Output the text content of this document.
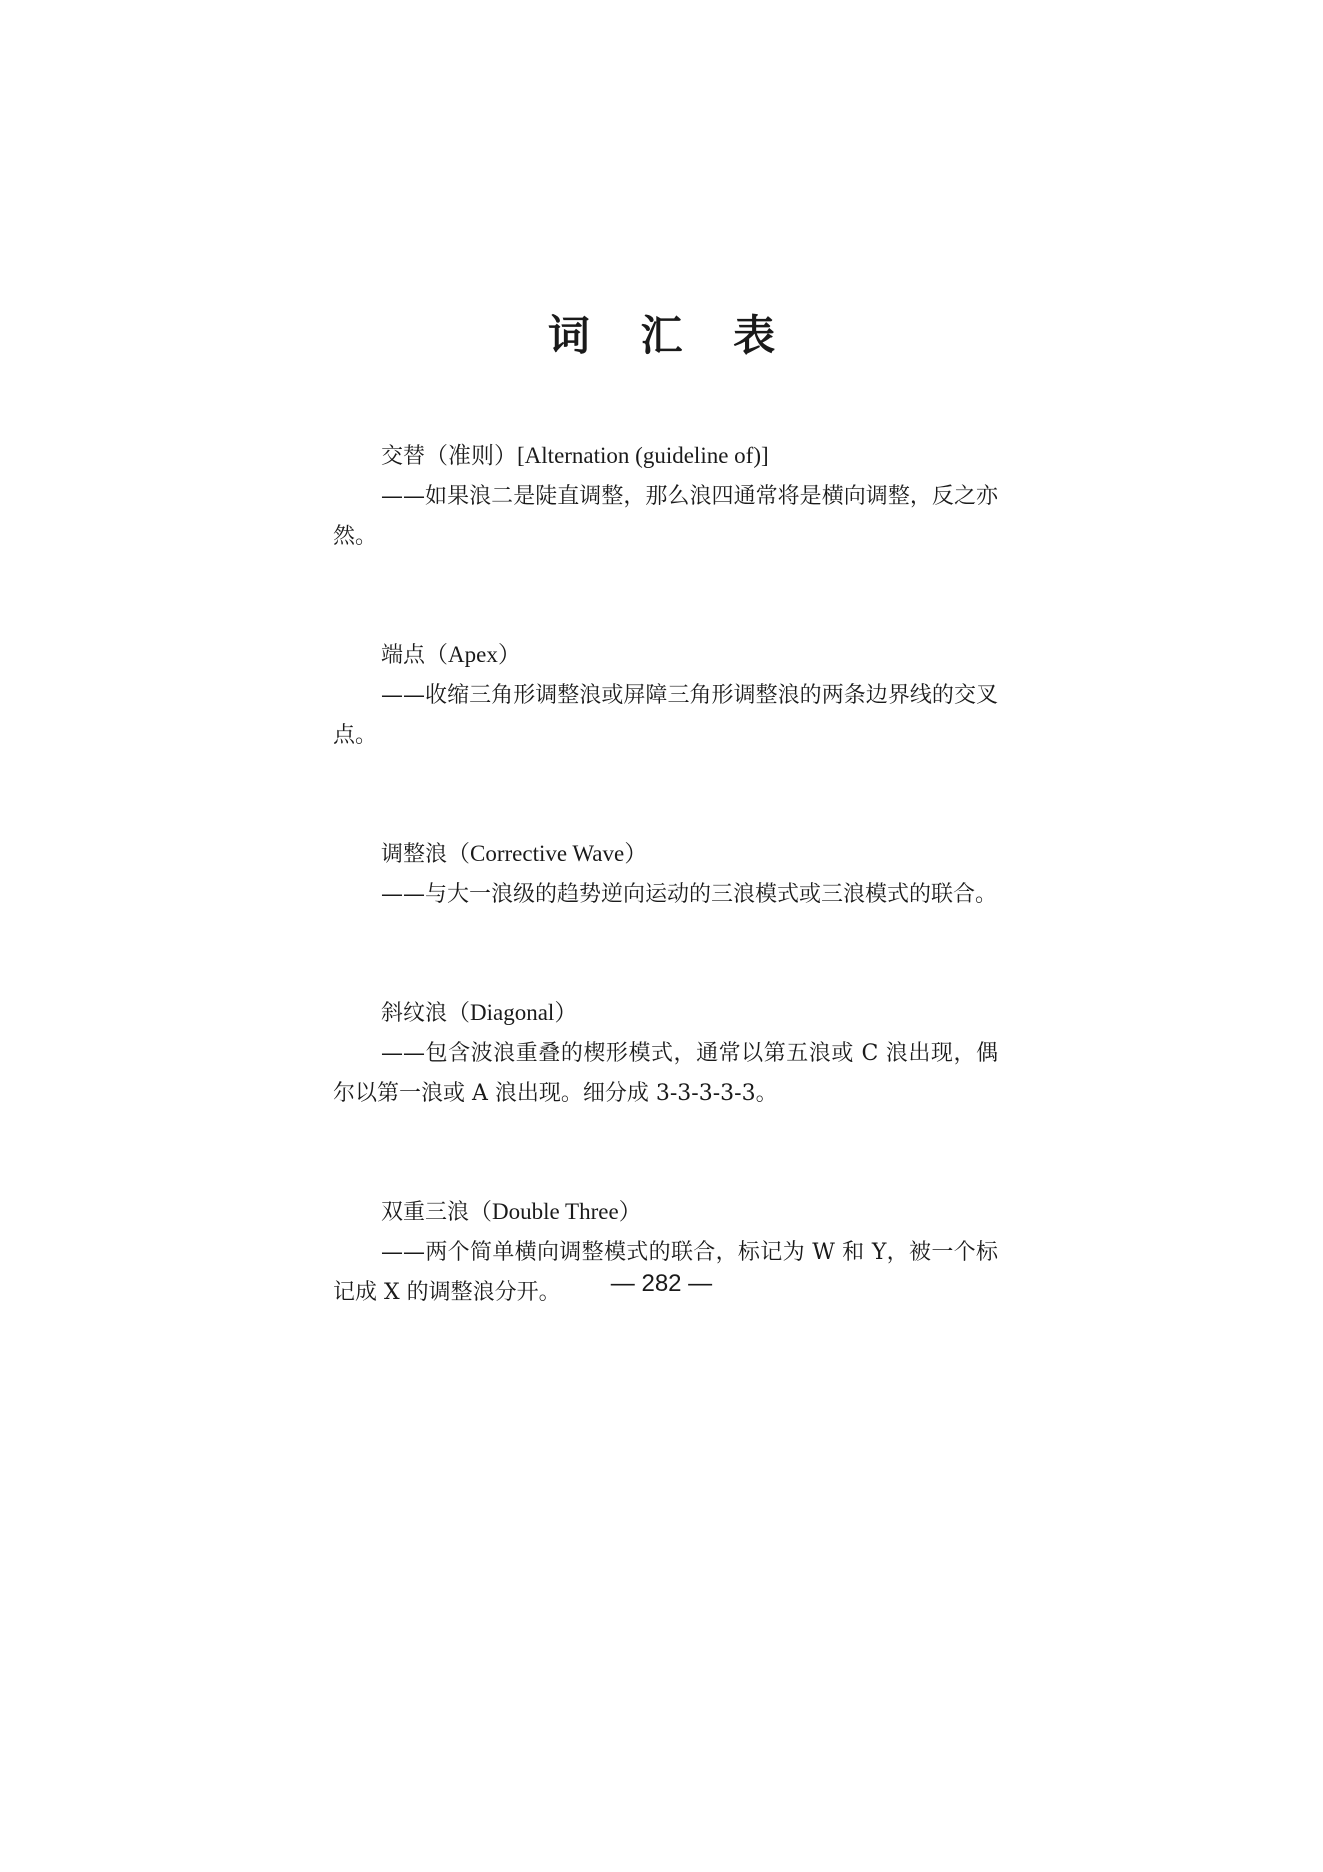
词 汇 表
交替（准则）[Alternation (guideline of)]

——如果浪二是陡直调整，那么浪四通常将是横向调整，反之亦然。

端点（Apex）

——收缩三角形调整浪或屏障三角形调整浪的两条边界线的交叉点。

调整浪（Corrective Wave）

——与大一浪级的趋势逆向运动的三浪模式或三浪模式的联合。

斜纹浪（Diagonal）

——包含波浪重叠的楔形模式，通常以第五浪或 C 浪出现，偶尔以第一浪或 A 浪出现。细分成 3-3-3-3-3。

双重三浪（Double Three）

——两个简单横向调整模式的联合，标记为 W 和 Y，被一个标记成 X 的调整浪分开。	— 282 —
